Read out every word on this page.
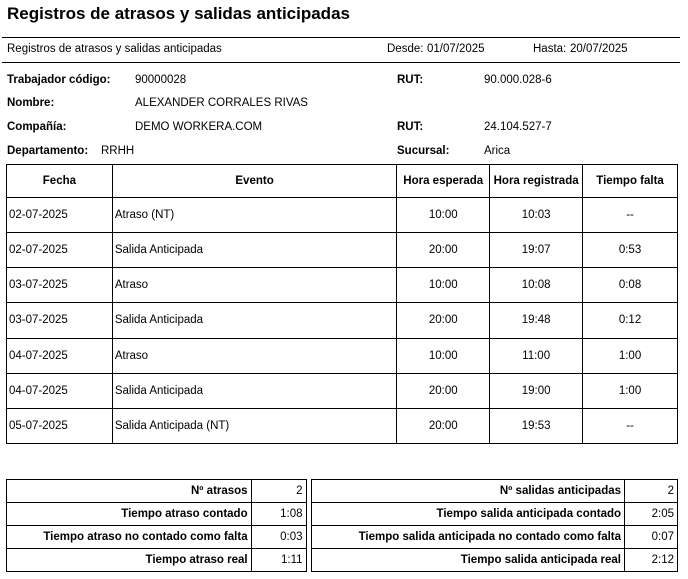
Registros de atrasos y salidas anticipadas
Registros de atrasos y salidas anticipadas	Desde: 01/07/2025	Hasta: 20/07/2025
Trabajador código: 90000028	RUT:	90.000.028-6
Nombre:	ALEXANDER CORRALES RIVAS
Compañía:	DEMO WORKERA.COM	RUT:	24.104.527-7
Departamento: RRHH	Sucursal:	Arica
Fecha	Evento	Hora esperada	Hora registrada	Tiempo falta
02-07-2025	Atraso (NT)	10:00	10:03	--
02-07-2025	Salida Anticipada	20:00	19:07	0:53
03-07-2025	Atraso	10:00	10:08	0:08
03-07-2025	Salida Anticipada	20:00	19:48	0:12
04-07-2025	Atraso	10:00	11:00	1:00
04-07-2025	Salida Anticipada	20:00	19:00	1:00
05-07-2025	Salida Anticipada (NT)	20:00	19:53	--
Nº atrasos	2		Nº salidas anticipadas	2
Tiempo atraso contado	1:08		Tiempo salida anticipada contado	2:05
Tiempo atraso no contado como falta	0:03		Tiempo salida anticipada no contado como falta	0:07
Tiempo atraso real	1:11		Tiempo salida anticipada real	2:12
